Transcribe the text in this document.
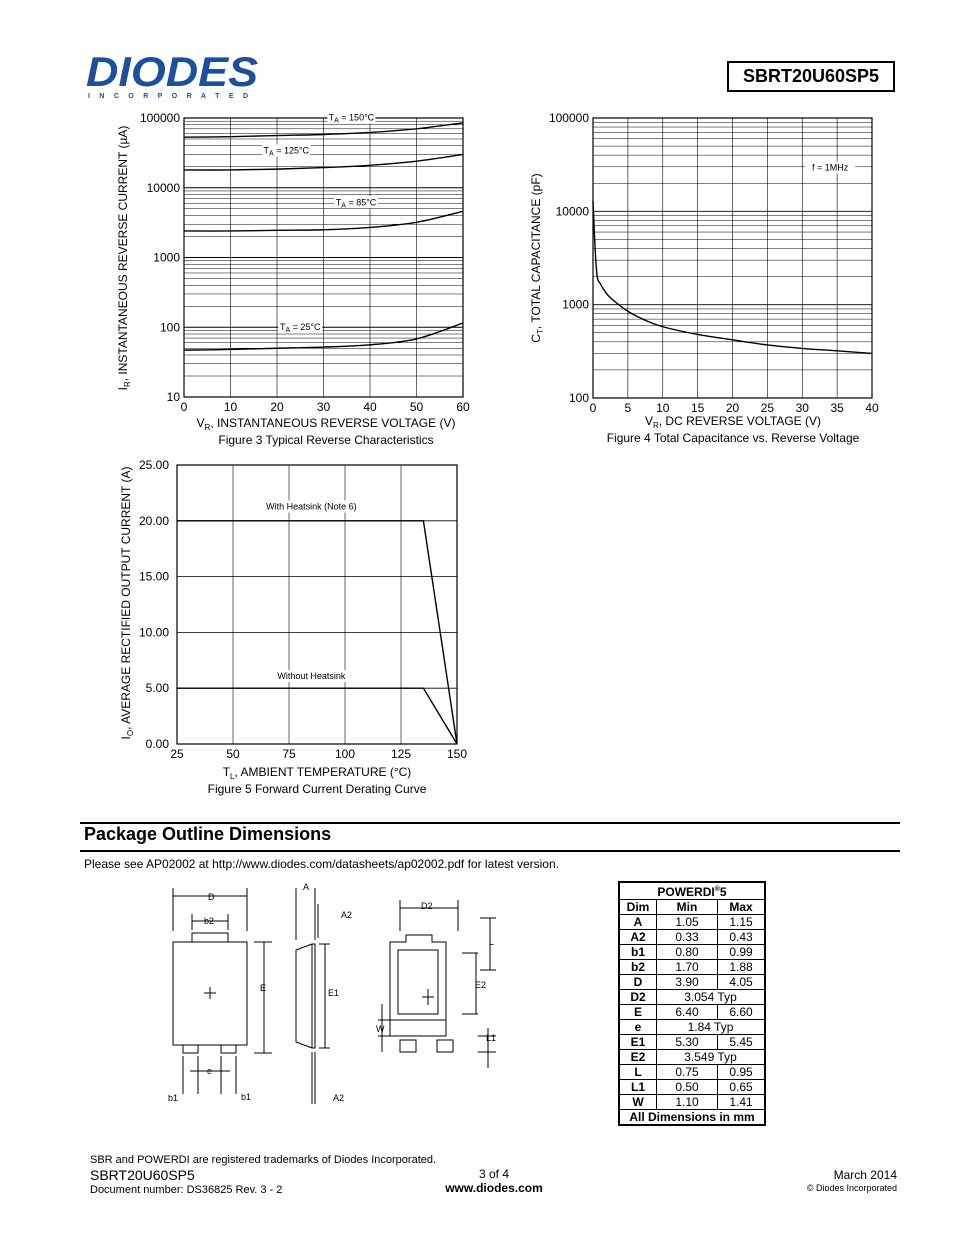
DIODES
I N C O R P O R A T E D
SBRT20U60SP5
$T_A = 150^\circ C$
$T_A = 125^\circ C$
$T_A = 85^\circ C$
$T_A = 25^\circ C$
0	10	20	30	40	50	60
10
100
1000
10000
100000
$V_R$, INSTANTANEOUS REVERSE VOLTAGE (V)
$I_R$, INSTANTANEOUS REVERSE CURRENT (µA)
Figure 3 Typical Reverse Characteristics
f = 1MHz
0 5 10 15 20 25 30 35 40
100
1000
10000
100000
$V_R$, DC REVERSE VOLTAGE (V)
$C_T$, TOTAL CAPACITANCE (pF)
Figure 4 Total Capacitance vs. Reverse Voltage
With Heatsink (Note 6)
Without Heatsink
25	50	75	100	125	150
0.00
5.00
10.00
15.00
20.00
25.00
$T_L$, AMBIENT TEMPERATURE (°C)
$I_O$, AVERAGE RECTIFIED OUTPUT CURRENT (A)
Figure 5 Forward Current Derating Curve
Package Outline Dimensions
Please see AP02002 at http://www.diodes.com/datasheets/ap02002.pdf for latest version.
D
b2
E
e
b1	b1
A
A2
E1
A2
D2
L
E2
W
L1
POWERDI®5		
Dim	Min	Max
A	1.05	1.15
A2	0.33	0.43
b1	0.80	0.99
b2	1.70	1.88
D	3.90	4.05
D2	3.054 Typ	
E	6.40	6.60
e	1.84 Typ	
E1	5.30	5.45
E2	3.549 Typ	
L	0.75	0.95
L1	0.50	0.65
W	1.10	1.41
All Dimensions in mm		
SBR and POWERDI are registered trademarks of Diodes Incorporated.
SBRT20U60SP5
Document number: DS36825 Rev. 3 - 2
3 of 4
www.diodes.com
March 2014
© Diodes Incorporated
